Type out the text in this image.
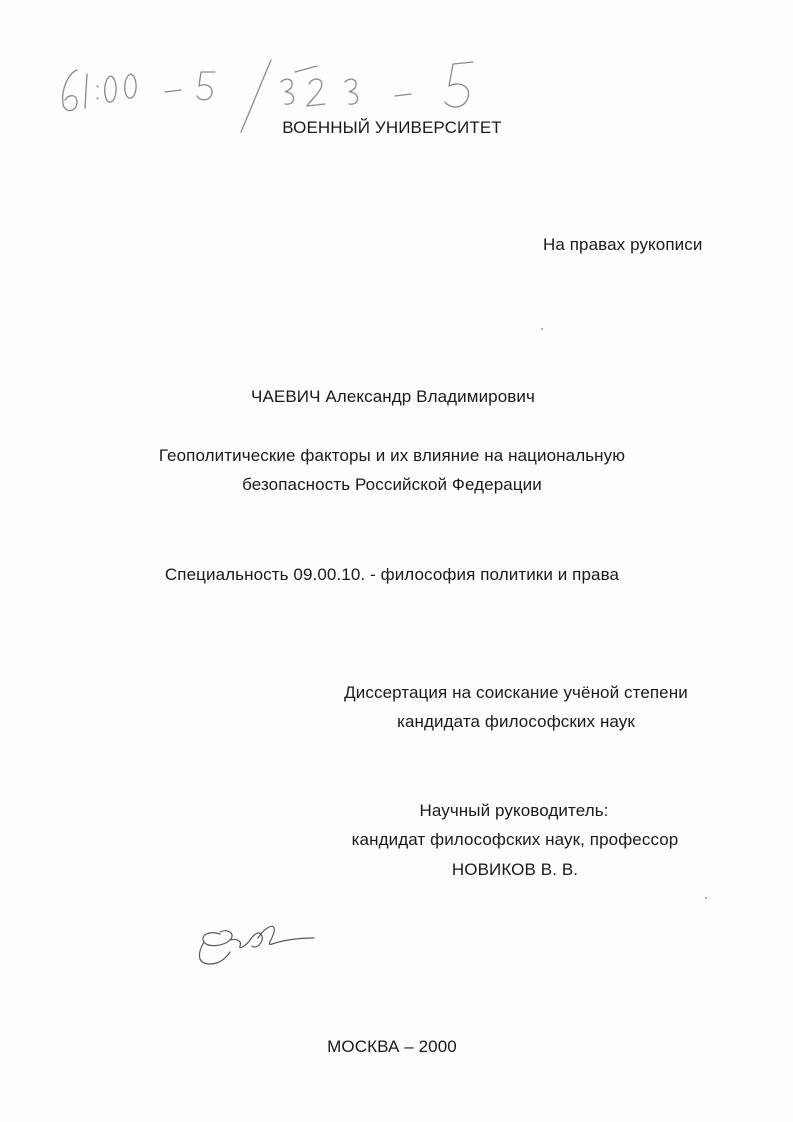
ВОЕННЫЙ УНИВЕРСИТЕТ
На правах рукописи
ЧАЕВИЧ Александр Владимирович
Геополитические факторы и их влияние на национальную
безопасность Российской Федерации
Специальность 09.00.10. - философия политики и права
Диссертация на соискание учёной степени
кандидата философских наук
Научный руководитель:
кандидат философских наук, профессор
НОВИКОВ В. В.
МОСКВА – 2000
